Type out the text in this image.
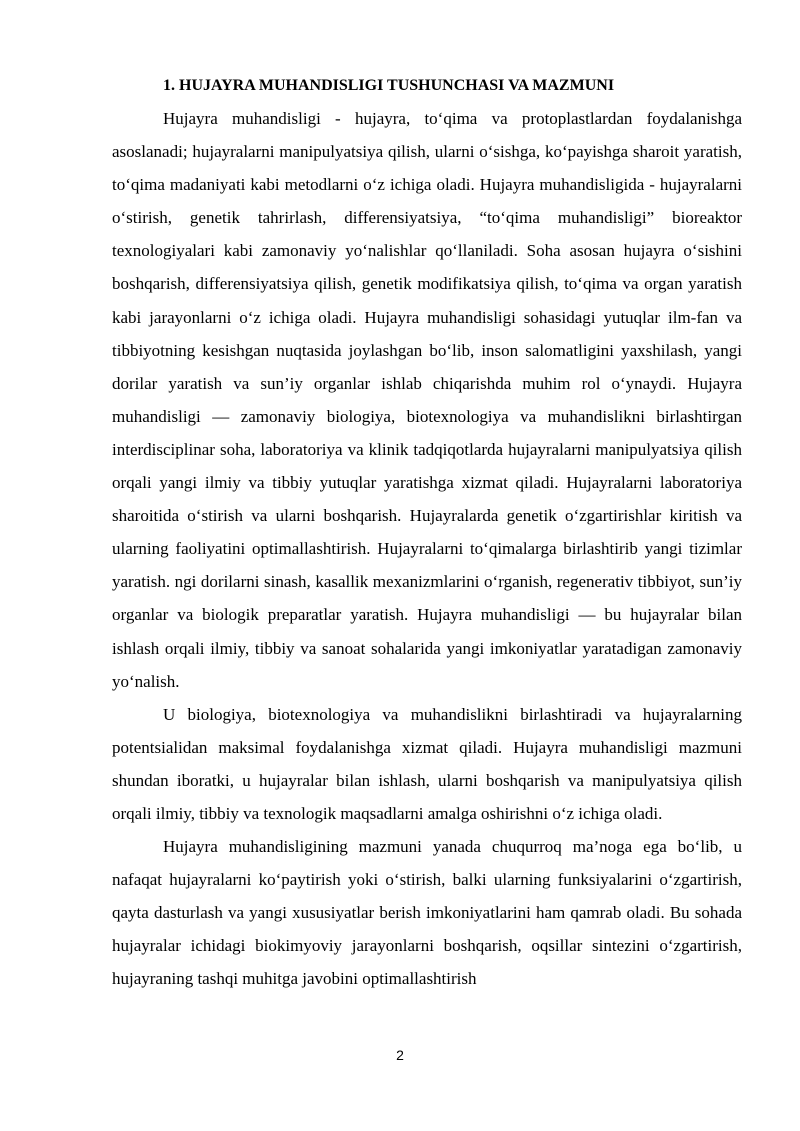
1. HUJAYRA MUHANDISLIGI TUSHUNCHASI VA MAZMUNI

Hujayra muhandisligi - hujayra, to‘qima va protoplastlardan foydalanishga asoslanadi; hujayralarni manipulyatsiya qilish, ularni o‘sishga, ko‘payishga sharoit yaratish, to‘qima madaniyati kabi metodlarni o‘z ichiga oladi. Hujayra muhandisligida - hujayralarni o‘stirish, genetik tahrirlash, differensiyatsiya, “to‘qima muhandisligi” bioreaktor texnologiyalari kabi zamonaviy yo‘nalishlar qo‘llaniladi. Soha asosan hujayra o‘sishini boshqarish, differensiyatsiya qilish, genetik modifikatsiya qilish, to‘qima va organ yaratish kabi jarayonlarni o‘z ichiga oladi. Hujayra muhandisligi sohasidagi yutuqlar ilm-fan va tibbiyotning kesishgan nuqtasida joylashgan bo‘lib, inson salomatligini yaxshilash, yangi dorilar yaratish va sun’iy organlar ishlab chiqarishda muhim rol o‘ynaydi. Hujayra muhandisligi — zamonaviy biologiya, biotexnologiya va muhandislikni birlashtirgan interdisciplinar soha, laboratoriya va klinik tadqiqotlarda hujayralarni manipulyatsiya qilish orqali yangi ilmiy va tibbiy yutuqlar yaratishga xizmat qiladi. Hujayralarni laboratoriya sharoitida o‘stirish va ularni boshqarish. Hujayralarda genetik o‘zgartirishlar kiritish va ularning faoliyatini optimallashtirish. Hujayralarni to‘qimalarga birlashtirib yangi tizimlar yaratish. ngi dorilarni sinash, kasallik mexanizmlarini o‘rganish, regenerativ tibbiyot, sun’iy organlar va biologik preparatlar yaratish. Hujayra muhandisligi — bu hujayralar bilan ishlash orqali ilmiy, tibbiy va sanoat sohalarida yangi imkoniyatlar yaratadigan zamonaviy yo‘nalish.

U biologiya, biotexnologiya va muhandislikni birlashtiradi va hujayralarning potentsialidan maksimal foydalanishga xizmat qiladi. Hujayra muhandisligi mazmuni shundan iboratki, u hujayralar bilan ishlash, ularni boshqarish va manipulyatsiya qilish orqali ilmiy, tibbiy va texnologik maqsadlarni amalga oshirishni o‘z ichiga oladi.

Hujayra muhandisligining mazmuni yanada chuqurroq ma’noga ega bo‘lib, u nafaqat hujayralarni ko‘paytirish yoki o‘stirish, balki ularning funksiyalarini o‘zgartirish, qayta dasturlash va yangi xususiyatlar berish imkoniyatlarini ham qamrab oladi. Bu sohada hujayralar ichidagi biokimyoviy jarayonlarni boshqarish, oqsillar sintezini o‘zgartirish, hujayraning tashqi muhitga javobini optimallashtirish

2
